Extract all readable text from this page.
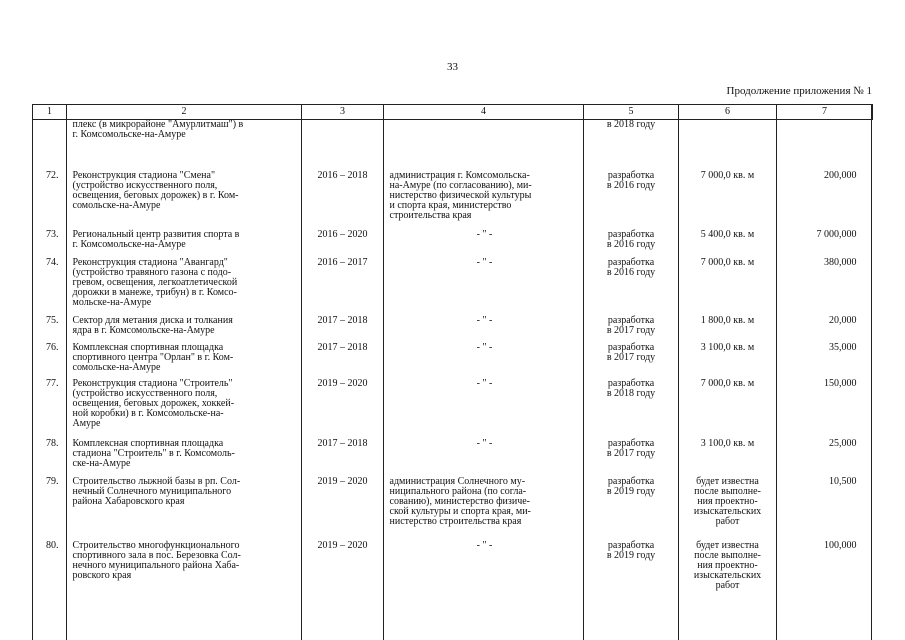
33
Продолжение приложения № 1
1	2	3	4	5	6	7
	плекс (в микрорайоне "Амурлитмаш") в
г. Комсомольске-на-Амуре			в 2018 году		
72.	Реконструкция стадиона "Смена"
(устройство искусственного поля,
освещения, беговых дорожек) в г. Ком-
сомольске-на-Амуре	2016 – 2018	администрация г. Комсомольска-
на-Амуре (по согласованию), ми-
нистерство физической культуры
и спорта края, министерство
строительства края	разработка
в 2016 году	7 000,0 кв. м	200,000
73.	Региональный центр развития спорта в
г. Комсомольске-на-Амуре	2016 – 2020	- " -	разработка
в 2016 году	5 400,0 кв. м	7 000,000
74.	Реконструкция стадиона "Авангард"
(устройство травяного газона с подо-
гревом, освещения, легкоатлетической
дорожки в манеже, трибун) в г. Комсо-
мольске-на-Амуре	2016 – 2017	- " -	разработка
в 2016 году	7 000,0 кв. м	380,000
75.	Сектор для метания диска и толкания
ядра в г. Комсомольске-на-Амуре	2017 – 2018	- " -	разработка
в 2017 году	1 800,0 кв. м	20,000
76.	Комплексная спортивная площадка
спортивного центра "Орлан" в г. Ком-
сомольске-на-Амуре	2017 – 2018	- " -	разработка
в 2017 году	3 100,0 кв. м	35,000
77.	Реконструкция стадиона "Строитель"
(устройство искусственного поля,
освещения, беговых дорожек, хоккей-
ной коробки) в г. Комсомольске-на-
Амуре	2019 – 2020	- " -	разработка
в 2018 году	7 000,0 кв. м	150,000
78.	Комплексная спортивная площадка
стадиона "Строитель" в г. Комсомоль-
ске-на-Амуре	2017 – 2018	- " -	разработка
в 2017 году	3 100,0 кв. м	25,000
79.	Строительство лыжной базы в рп. Сол-
нечный Солнечного муниципального
района Хабаровского края	2019 – 2020	администрация Солнечного му-
ниципального района (по согла-
сованию), министерство физиче-
ской культуры и спорта края, ми-
нистерство строительства края	разработка
в 2019 году	будет известна
после выполне-
ния проектно-
изыскательских
работ	10,500
80.	Строительство многофункционального
спортивного зала в пос. Березовка Сол-
нечного муниципального района Хаба-
ровского края	2019 – 2020	- " -	разработка
в 2019 году	будет известна
после выполне-
ния проектно-
изыскательских
работ	100,000
